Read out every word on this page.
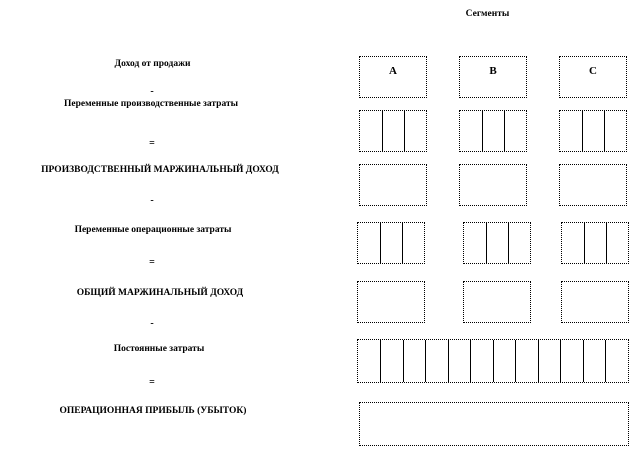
Сегменты
Доход от продажи
-
Переменные производственные затраты
=
ПРОИЗВОДСТВЕННЫЙ МАРЖИНАЛЬНЫЙ ДОХОД
-
Переменные операционные затраты
=
ОБЩИЙ МАРЖИНАЛЬНЫЙ ДОХОД
-
Постоянные затраты
=
ОПЕРАЦИОННАЯ ПРИБЫЛЬ (УБЫТОК)
A	B	C
